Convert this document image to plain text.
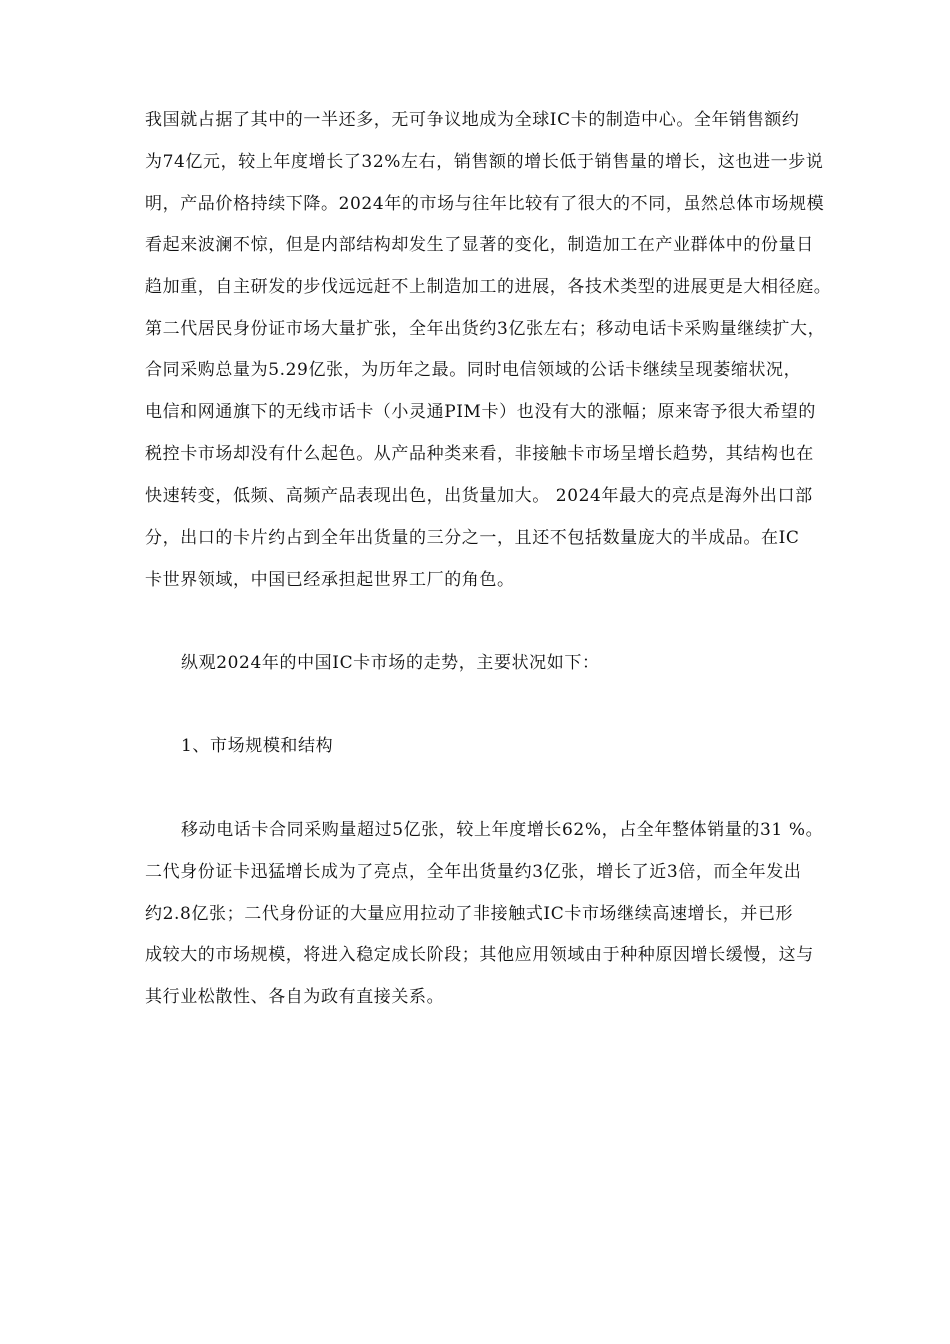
我国就占据了其中的一半还多，无可争议地成为全球IC卡的制造中心。全年销售额约
为74亿元，较上年度增长了32%左右，销售额的增长低于销售量的增长，这也进一步说
明，产品价格持续下降。2024年的市场与往年比较有了很大的不同，虽然总体市场规模
看起来波澜不惊，但是内部结构却发生了显著的变化，制造加工在产业群体中的份量日
趋加重，自主研发的步伐远远赶不上制造加工的进展，各技术类型的进展更是大相径庭。
第二代居民身份证市场大量扩张，全年出货约3亿张左右；移动电话卡采购量继续扩大，
合同采购总量为5.29亿张，为历年之最。同时电信领域的公话卡继续呈现萎缩状况，
电信和网通旗下的无线市话卡（小灵通PIM卡）也没有大的涨幅；原来寄予很大希望的
税控卡市场却没有什么起色。从产品种类来看，非接触卡市场呈增长趋势，其结构也在
快速转变，低频、高频产品表现出色，出货量加大。 2024年最大的亮点是海外出口部
分，出口的卡片约占到全年出货量的三分之一，且还不包括数量庞大的半成品。在IC
卡世界领域，中国已经承担起世界工厂的角色。
纵观2024年的中国IC卡市场的走势，主要状况如下：
1、市场规模和结构
移动电话卡合同采购量超过5亿张，较上年度增长62%，占全年整体销量的31 %。
二代身份证卡迅猛增长成为了亮点，全年出货量约3亿张，增长了近3倍，而全年发出
约2.8亿张；二代身份证的大量应用拉动了非接触式IC卡市场继续高速增长，并已形
成较大的市场规模，将进入稳定成长阶段；其他应用领域由于种种原因增长缓慢，这与
其行业松散性、各自为政有直接关系。
